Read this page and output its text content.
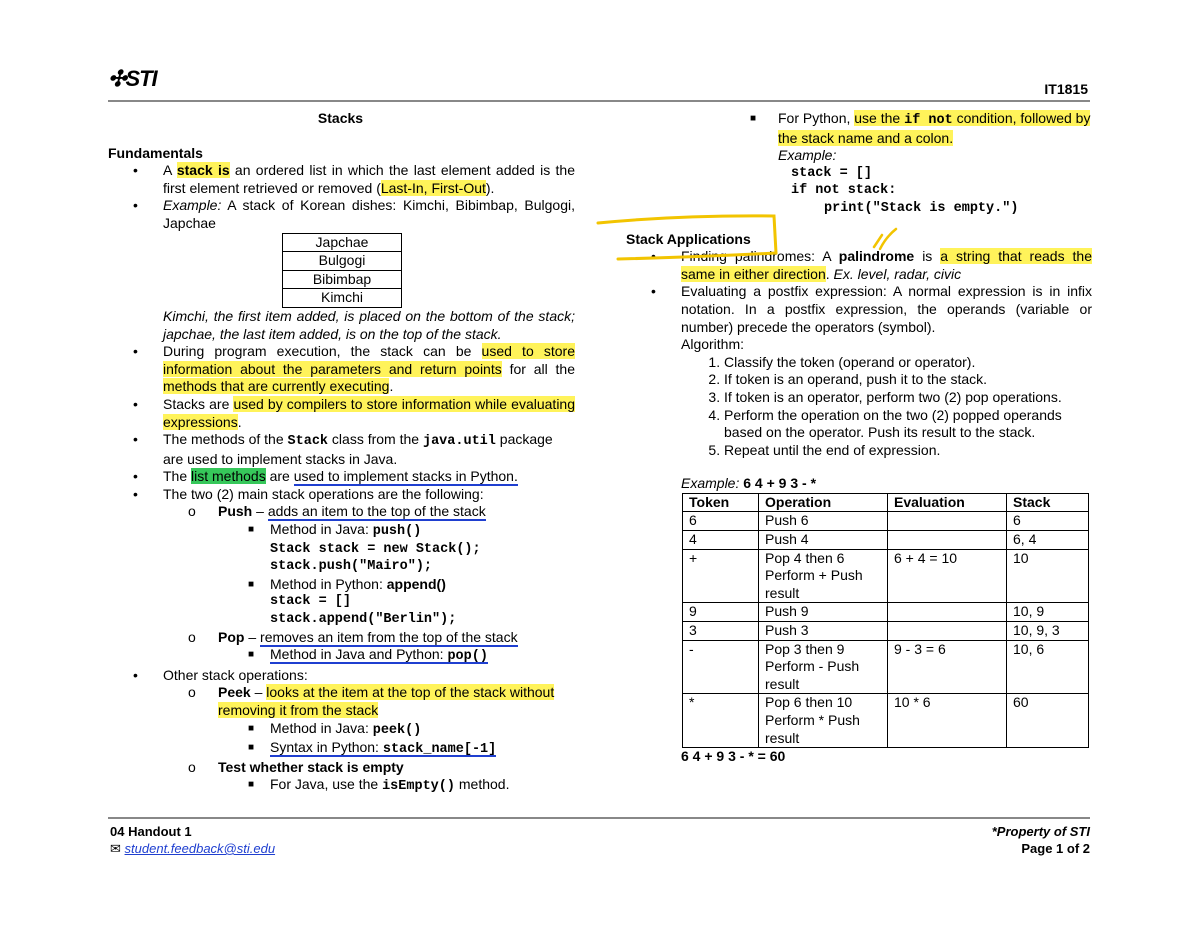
✣STI	IT1815
Stacks
Fundamentals
• A stack is an ordered list in which the last element added is the first element retrieved or removed (Last-In, First-Out).
• Example: A stack of Korean dishes: Kimchi, Bibimbap, Bulgogi, Japchae
Japchae
Bulgogi
Bibimbap
Kimchi
Kimchi, the first item added, is placed on the bottom of the stack; japchae, the last item added, is on the top of the stack.
• During program execution, the stack can be used to store information about the parameters and return points for all the methods that are currently executing.
• Stacks are used by compilers to store information while evaluating expressions.
• The methods of the Stack class from the java.util package are used to implement stacks in Java.
• The list methods are used to implement stacks in Python.
• The two (2) main stack operations are the following:
o Push – adds an item to the top of the stack
■ Method in Java: push()
Stack stack = new Stack();
stack.push("Mairo");
■ Method in Python: append()
stack = []
stack.append("Berlin");
o Pop – removes an item from the top of the stack
■ Method in Java and Python: pop()
• Other stack operations:
o Peek – looks at the item at the top of the stack without removing it from the stack
■ Method in Java: peek()
■ Syntax in Python: stack_name[-1]
o Test whether stack is empty
■ For Java, use the isEmpty() method.
■ For Python, use the if not condition, followed by the stack name and a colon.
Example:
stack = []
if not stack:
print("Stack is empty.")
Stack Applications
• Finding palindromes: A palindrome is a string that reads the same in either direction. Ex. level, radar, civic
• Evaluating a postfix expression: A normal expression is in infix notation. In a postfix expression, the operands (variable or number) precede the operators (symbol).
Algorithm:
1. Classify the token (operand or operator).
2. If token is an operand, push it to the stack.
3. If token is an operator, perform two (2) pop operations.
4. Perform the operation on the two (2) popped operands based on the operator. Push its result to the stack.
5. Repeat until the end of expression.
Example: 6 4 + 9 3 - *
Token	Operation	Evaluation	Stack
6	Push 6		6
4	Push 4		6, 4
+	Pop 4 then 6 Perform + Push result	6 + 4 = 10	10
9	Push 9		10, 9
3	Push 3		10, 9, 3
-	Pop 3 then 9 Perform - Push result	9 - 3 = 6	10, 6
*	Pop 6 then 10 Perform * Push result	10 * 6	60
6 4 + 9 3 - * = 60
04 Handout 1
✉ student.feedback@sti.edu
*Property of STI
Page 1 of 2
